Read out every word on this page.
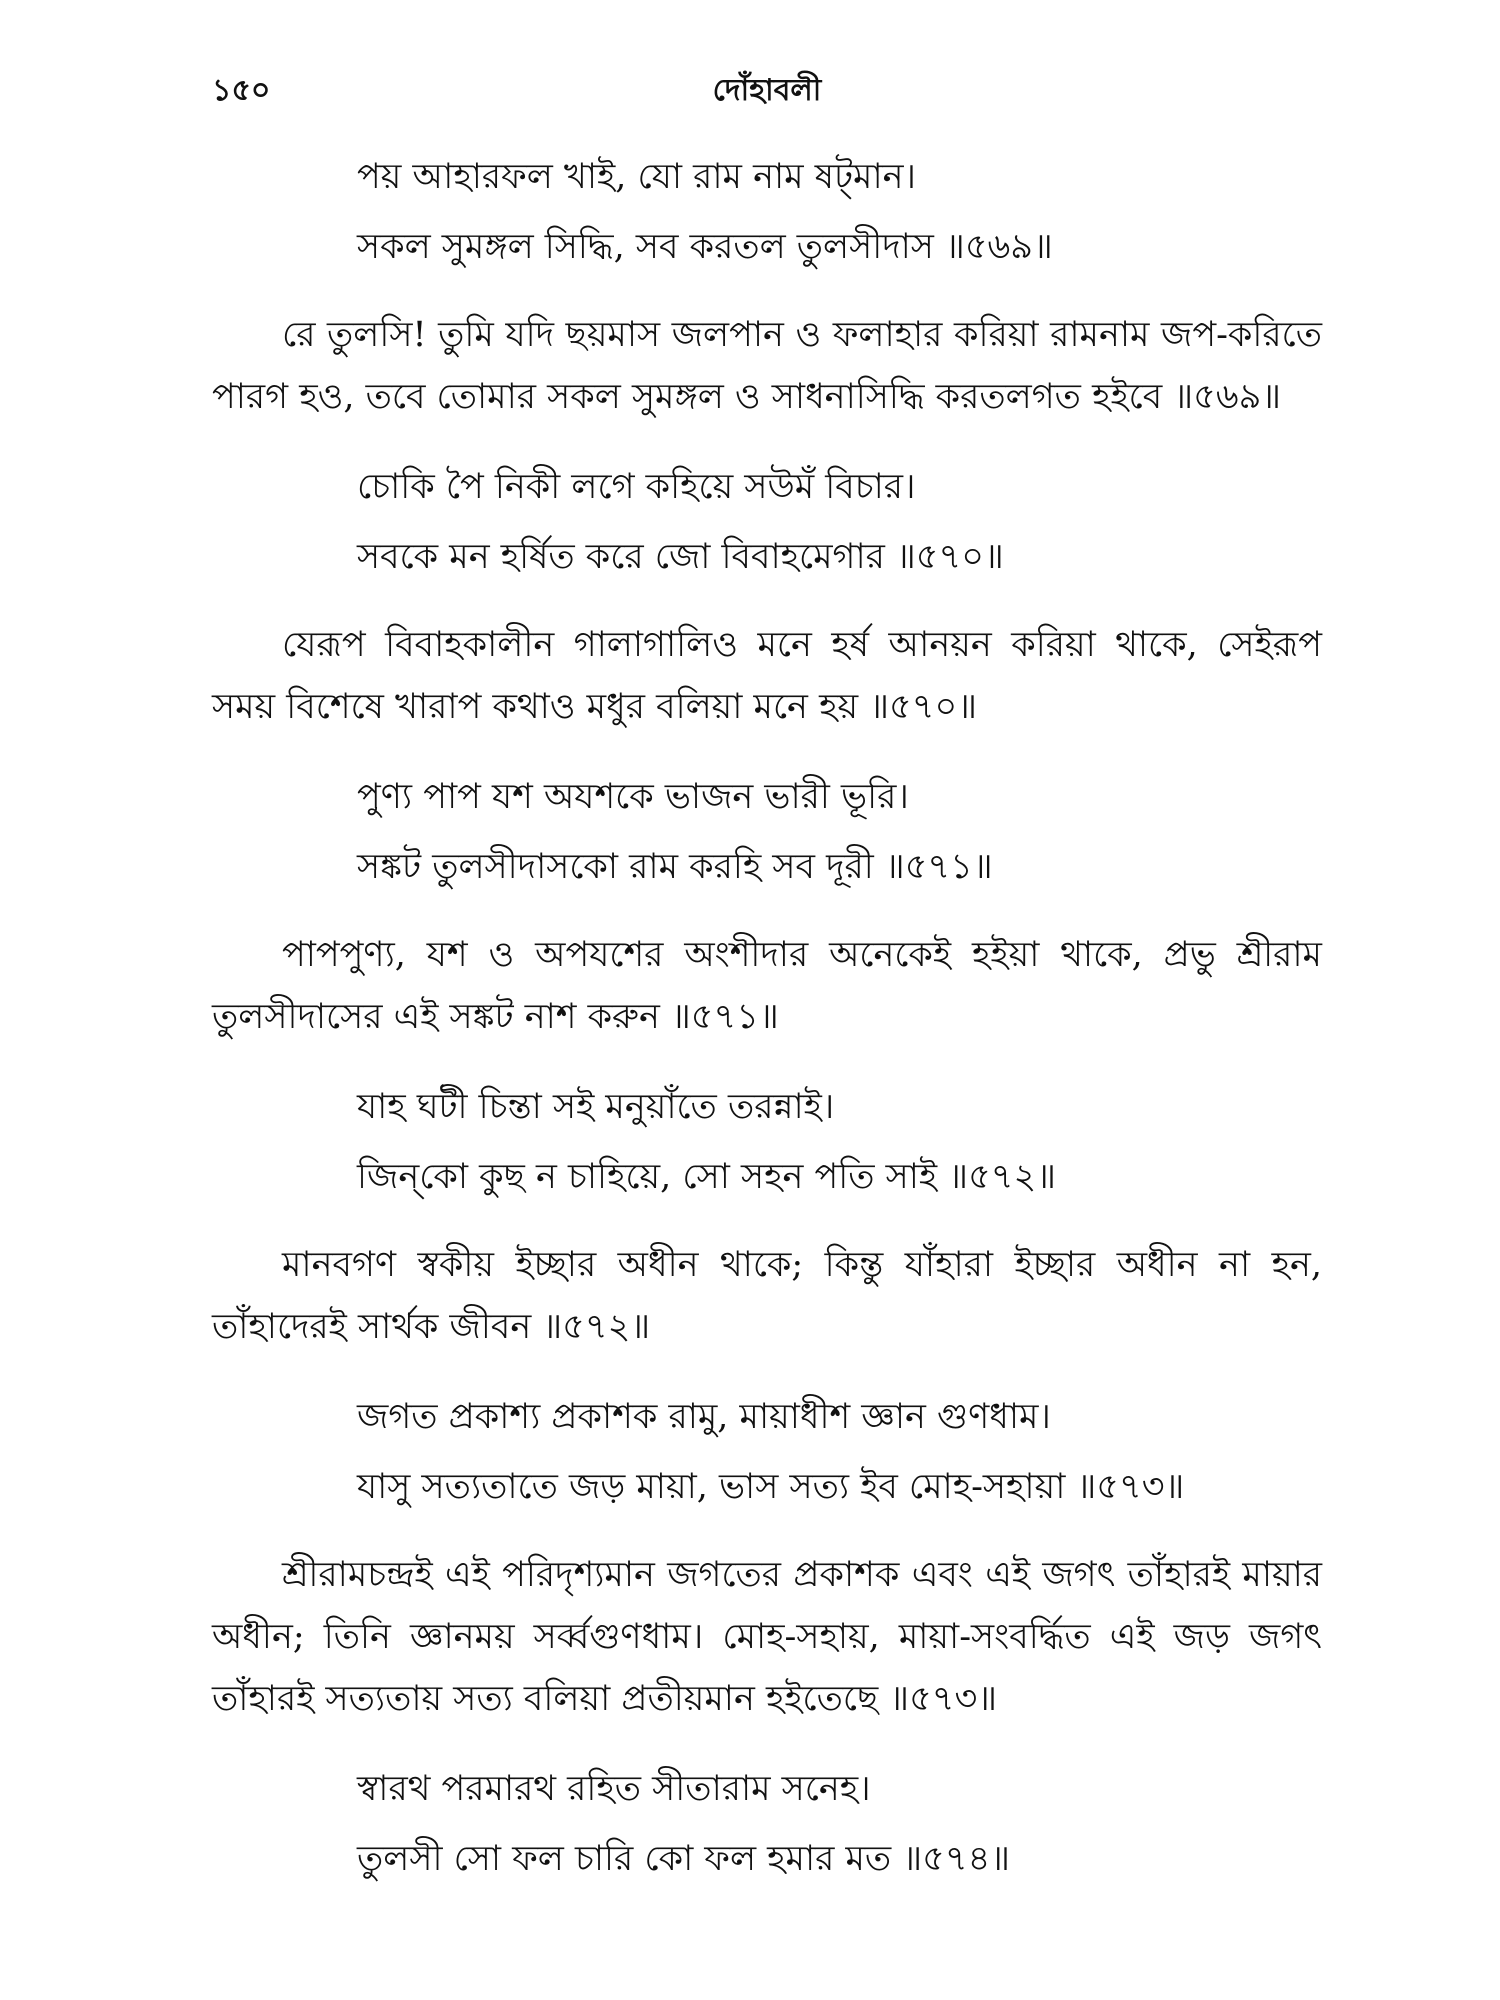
১৫০	দোঁহাবলী

পয় আহারফল খাই, যো রাম নাম ষট্‌মান।
সকল সুমঙ্গল সিদ্ধি, সব করতল তুলসীদাস ॥৫৬৯॥

রে তুলসি! তুমি যদি ছয়মাস জলপান ও ফলাহার করিয়া রামনাম জপ-করিতে পারগ হও, তবে তোমার সকল সুমঙ্গল ও সাধনাসিদ্ধি করতলগত হইবে ॥৫৬৯॥

চোকি পৈ নিকী লগে কহিয়ে সউমঁ বিচার।
সবকে মন হর্ষিত করে জো বিবাহমেগার ॥৫৭০॥

যেরূপ বিবাহকালীন গালাগালিও মনে হর্ষ আনয়ন করিয়া থাকে, সেইরূপ সময় বিশেষে খারাপ কথাও মধুর বলিয়া মনে হয় ॥৫৭০॥

পুণ্য পাপ যশ অযশকে ভাজন ভারী ভূরি।
সঙ্কট তুলসীদাসকো রাম করহি সব দূরী ॥৫৭১॥

পাপপুণ্য, যশ ও অপযশের অংশীদার অনেকেই হইয়া থাকে, প্রভু শ্রীরাম তুলসীদাসের এই সঙ্কট নাশ করুন ॥৫৭১॥

যাহ ঘটী চিন্তা সই মনুয়াঁতে তরন্নাই।
জিন্‌কো কুছ ন চাহিয়ে, সো সহন পতি সাই ॥৫৭২॥

মানবগণ স্বকীয় ইচ্ছার অধীন থাকে; কিন্তু যাঁহারা ইচ্ছার অধীন না হন, তাঁহাদেরই সার্থক জীবন ॥৫৭২॥

জগত প্রকাশ্য প্রকাশক রামু, মায়াধীশ জ্ঞান গুণধাম।
যাসু সত্যতাতে জড় মায়া, ভাস সত্য ইব মোহ-সহায়া ॥৫৭৩॥

শ্রীরামচন্দ্রই এই পরিদৃশ্যমান জগতের প্রকাশক এবং এই জগৎ তাঁহারই মায়ার অধীন; তিনি জ্ঞানময় সর্ব্বগুণধাম। মোহ-সহায়, মায়া-সংবর্দ্ধিত এই জড় জগৎ তাঁহারই সত্যতায় সত্য বলিয়া প্রতীয়মান হইতেছে ॥৫৭৩॥

স্বারথ পরমারথ রহিত সীতারাম সনেহ।
তুলসী সো ফল চারি কো ফল হমার মত ॥৫৭৪॥
